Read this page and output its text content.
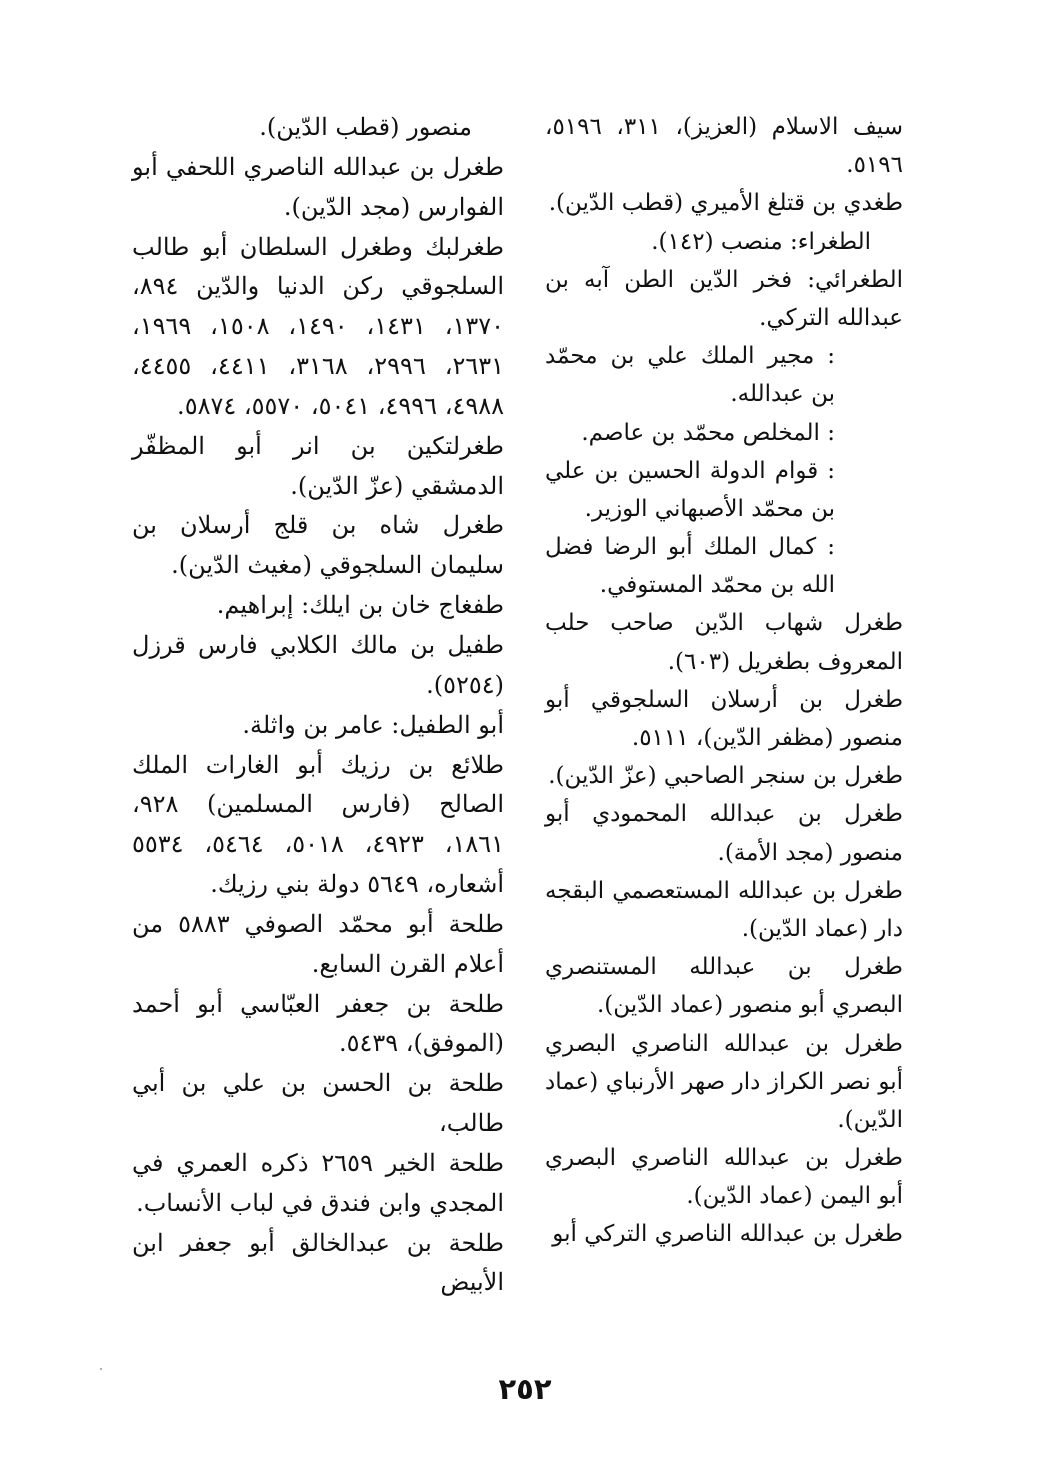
سيف الاسلام (العزيز)، ٣١١، ٥١٩٦، ٥١٩٦.

طغدي بن قتلغ الأميري (قطب الدّين).

الطغراء: منصب (١٤٢).

الطغرائي: فخر الدّين الطن آبه بن عبدالله التركي.

: مجير الملك علي بن محمّد بن عبدالله.

: المخلص محمّد بن عاصم.

: قوام الدولة الحسين بن علي بن محمّد الأصبهاني الوزير.

: كمال الملك أبو الرضا فضل الله بن محمّد المستوفي.

طغرل شهاب الدّين صاحب حلب المعروف بطغريل (٦٠٣).

طغرل بن أرسلان السلجوقي أبو منصور (مظفر الدّين)، ٥١١١.

طغرل بن سنجر الصاحبي (عزّ الدّين).

طغرل بن عبدالله المحمودي أبو منصور (مجد الأمة).

طغرل بن عبدالله المستعصمي البقجه دار (عماد الدّين).

طغرل بن عبدالله المستنصري البصري أبو منصور (عماد الدّين).

طغرل بن عبدالله الناصري البصري أبو نصر الكراز دار صهر الأرنباي (عماد الدّين).

طغرل بن عبدالله الناصري البصري أبو اليمن (عماد الدّين).

طغرل بن عبدالله الناصري التركي أبو

منصور (قطب الدّين).

طغرل بن عبدالله الناصري اللحفي أبو الفوارس (مجد الدّين).

طغرلبك وطغرل السلطان أبو طالب السلجوقي ركن الدنيا والدّين ٨٩٤، ١٣٧٠، ١٤٣١، ١٤٩٠، ١٥٠٨، ١٩٦٩، ٢٦٣١، ٢٩٩٦، ٣١٦٨، ٤٤١١، ٤٤٥٥، ٤٩٨٨، ٤٩٩٦، ٥٠٤١، ٥٥٧٠، ٥٨٧٤.

طغرلتكين بن انر أبو المظفّر الدمشقي (عزّ الدّين).

طغرل شاه بن قلج أرسلان بن سليمان السلجوقي (مغيث الدّين).

طفغاج خان بن ايلك: إبراهيم.

طفيل بن مالك الكلابي فارس قرزل (٥٢٥٤).

أبو الطفيل: عامر بن واثلة.

طلائع بن رزيك أبو الغارات الملك الصالح (فارس المسلمين) ٩٢٨، ١٨٦١، ٤٩٢٣، ٥٠١٨، ٥٤٦٤، ٥٥٣٤ أشعاره، ٥٦٤٩ دولة بني رزيك.

طلحة أبو محمّد الصوفي ٥٨٨٣ من أعلام القرن السابع.

طلحة بن جعفر العبّاسي أبو أحمد (الموفق)، ٥٤٣٩.

طلحة بن الحسن بن علي بن أبي طالب،

طلحة الخير ٢٦٥٩ ذكره العمري في المجدي وابن فندق في لباب الأنساب.

طلحة بن عبدالخالق أبو جعفر ابن الأبيض

٢٥٢
